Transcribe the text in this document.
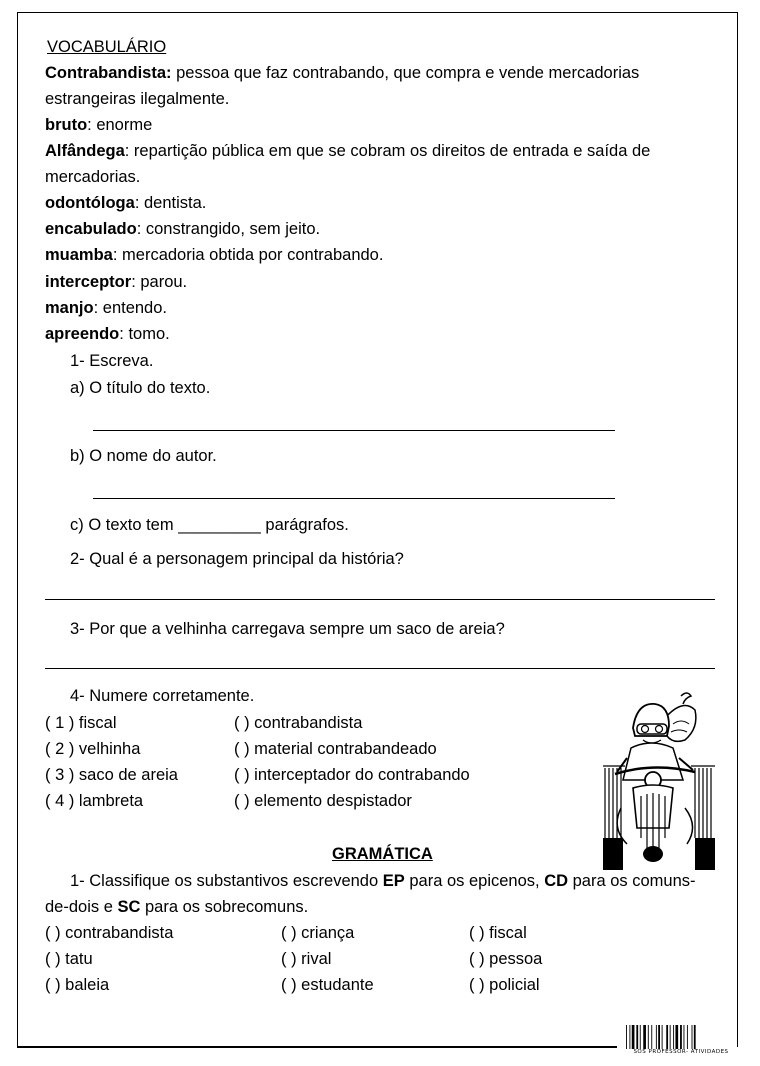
VOCABULÁRIO
Contrabandista: pessoa que faz contrabando, que compra e vende mercadorias
estrangeiras ilegalmente.
bruto: enorme
Alfândega: repartição pública em que se cobram os direitos de entrada e saída de
mercadorias.
odontóloga: dentista.
encabulado: constrangido, sem jeito.
muamba: mercadoria obtida por contrabando.
interceptor: parou.
manjo: entendo.
apreendo: tomo.
1- Escreva.
a) O título do texto.
b) O nome do autor.
c) O texto tem _________ parágrafos.
2- Qual é a personagem principal da história?
3- Por que a velhinha carregava sempre um saco de areia?
4- Numere corretamente.
( 1 ) fiscal
( 2 ) velhinha
( 3 ) saco de areia
( 4 ) lambreta
( ) contrabandista
( ) material contrabandeado
( ) interceptador do contrabando
( ) elemento despistador
GRAMÁTICA
1- Classifique os substantivos escrevendo EP para os epicenos, CD para os comuns-
de-dois e SC para os sobrecomuns.
( ) contrabandista
( ) tatu
( ) baleia
( ) criança
( ) rival
( ) estudante
( ) fiscal
( ) pessoa
( ) policial
SOS PROFESSOR- ATIVIDADES
